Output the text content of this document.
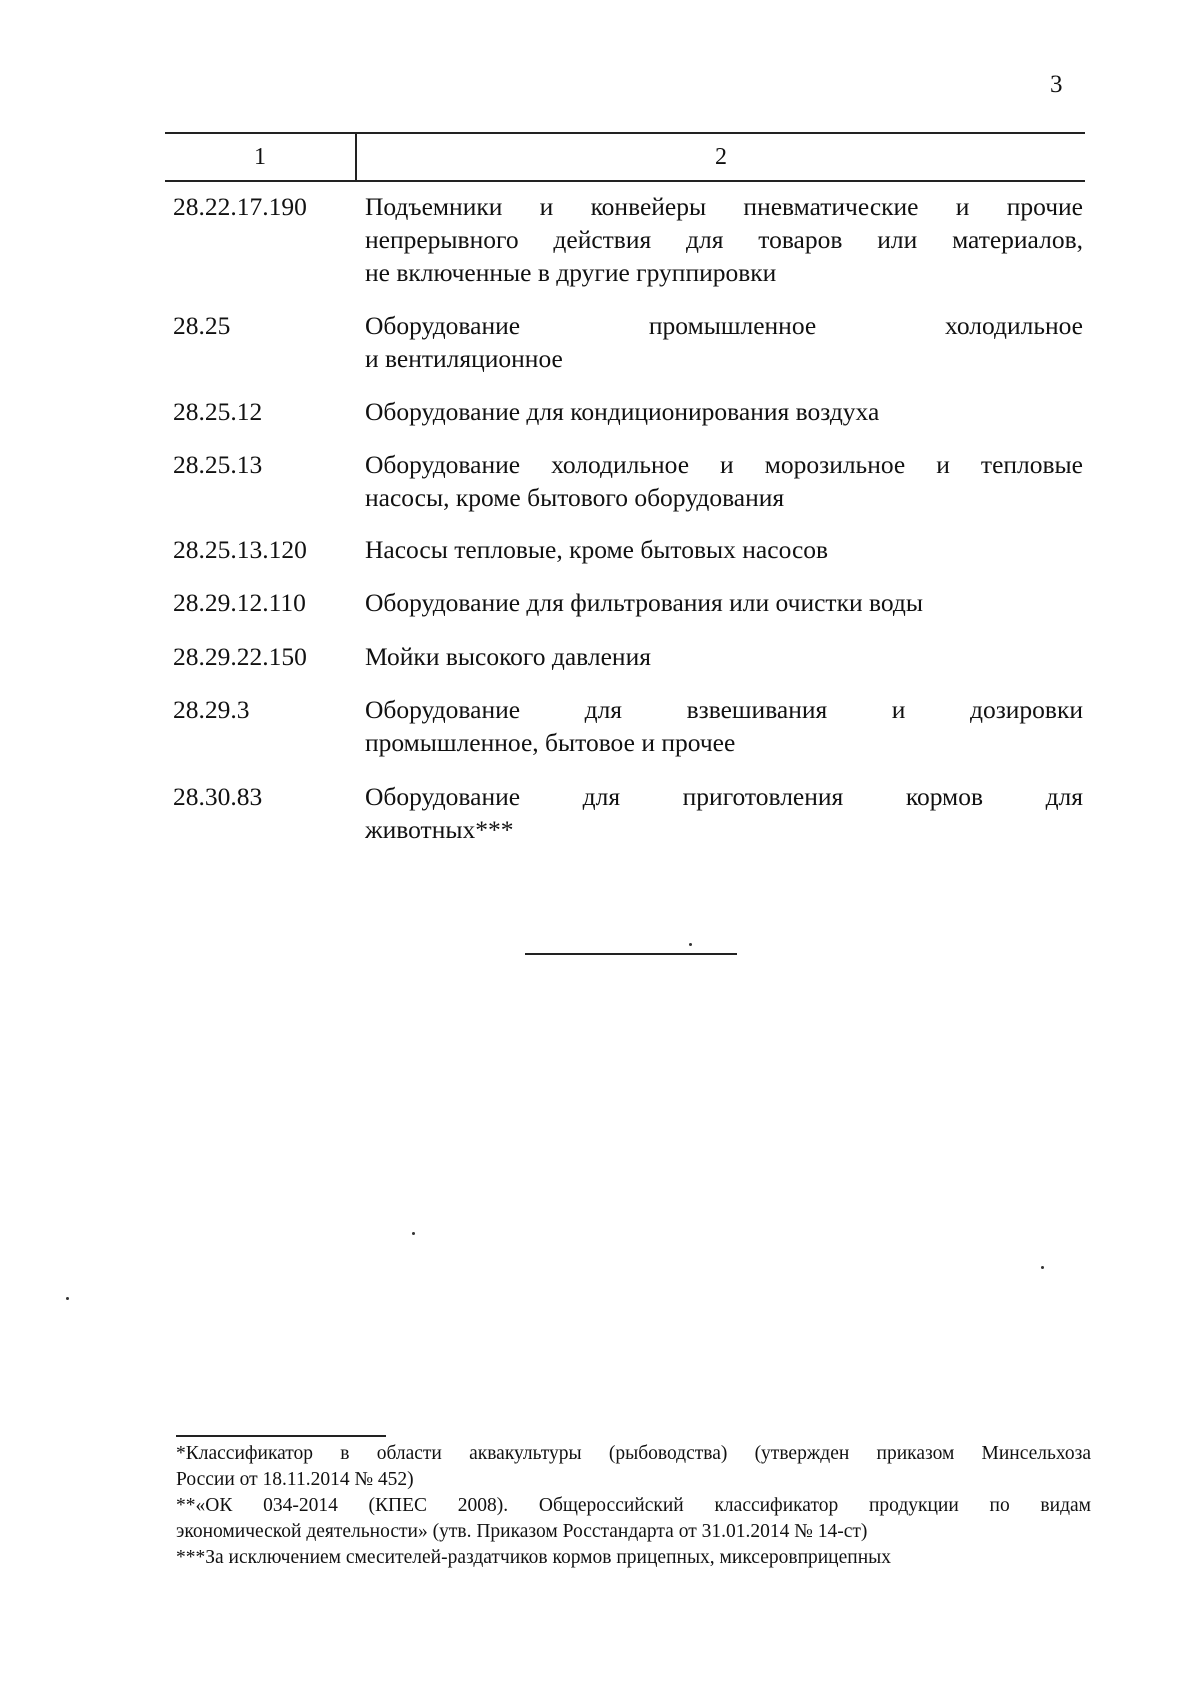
3
1	2
28.22.17.190 Подъемники и конвейеры пневматические и прочие
непрерывного действия для товаров или материалов,
не включенные в другие группировки
28.25	Оборудование промышленное холодильное
и вентиляционное
28.25.12	Оборудование для кондиционирования воздуха
28.25.13	Оборудование холодильное и морозильное и тепловые
насосы, кроме бытового оборудования
28.25.13.120 Насосы тепловые, кроме бытовых насосов
28.29.12.110 Оборудование для фильтрования или очистки воды
28.29.22.150 Мойки высокого давления
28.29.3	Оборудование для взвешивания и дозировки
промышленное, бытовое и прочее
28.30.83	Оборудование для приготовления кормов для
животных***
*Классификатор в области аквакультуры (рыбоводства) (утвержден приказом Минсельхоза
России от 18.11.2014 № 452)
**«ОК 034-2014 (КПЕС 2008). Общероссийский классификатор продукции по видам
экономической деятельности» (утв. Приказом Росстандарта от 31.01.2014 № 14-ст)
***За исключением смесителей-раздатчиков кормов прицепных, миксеровприцепных
